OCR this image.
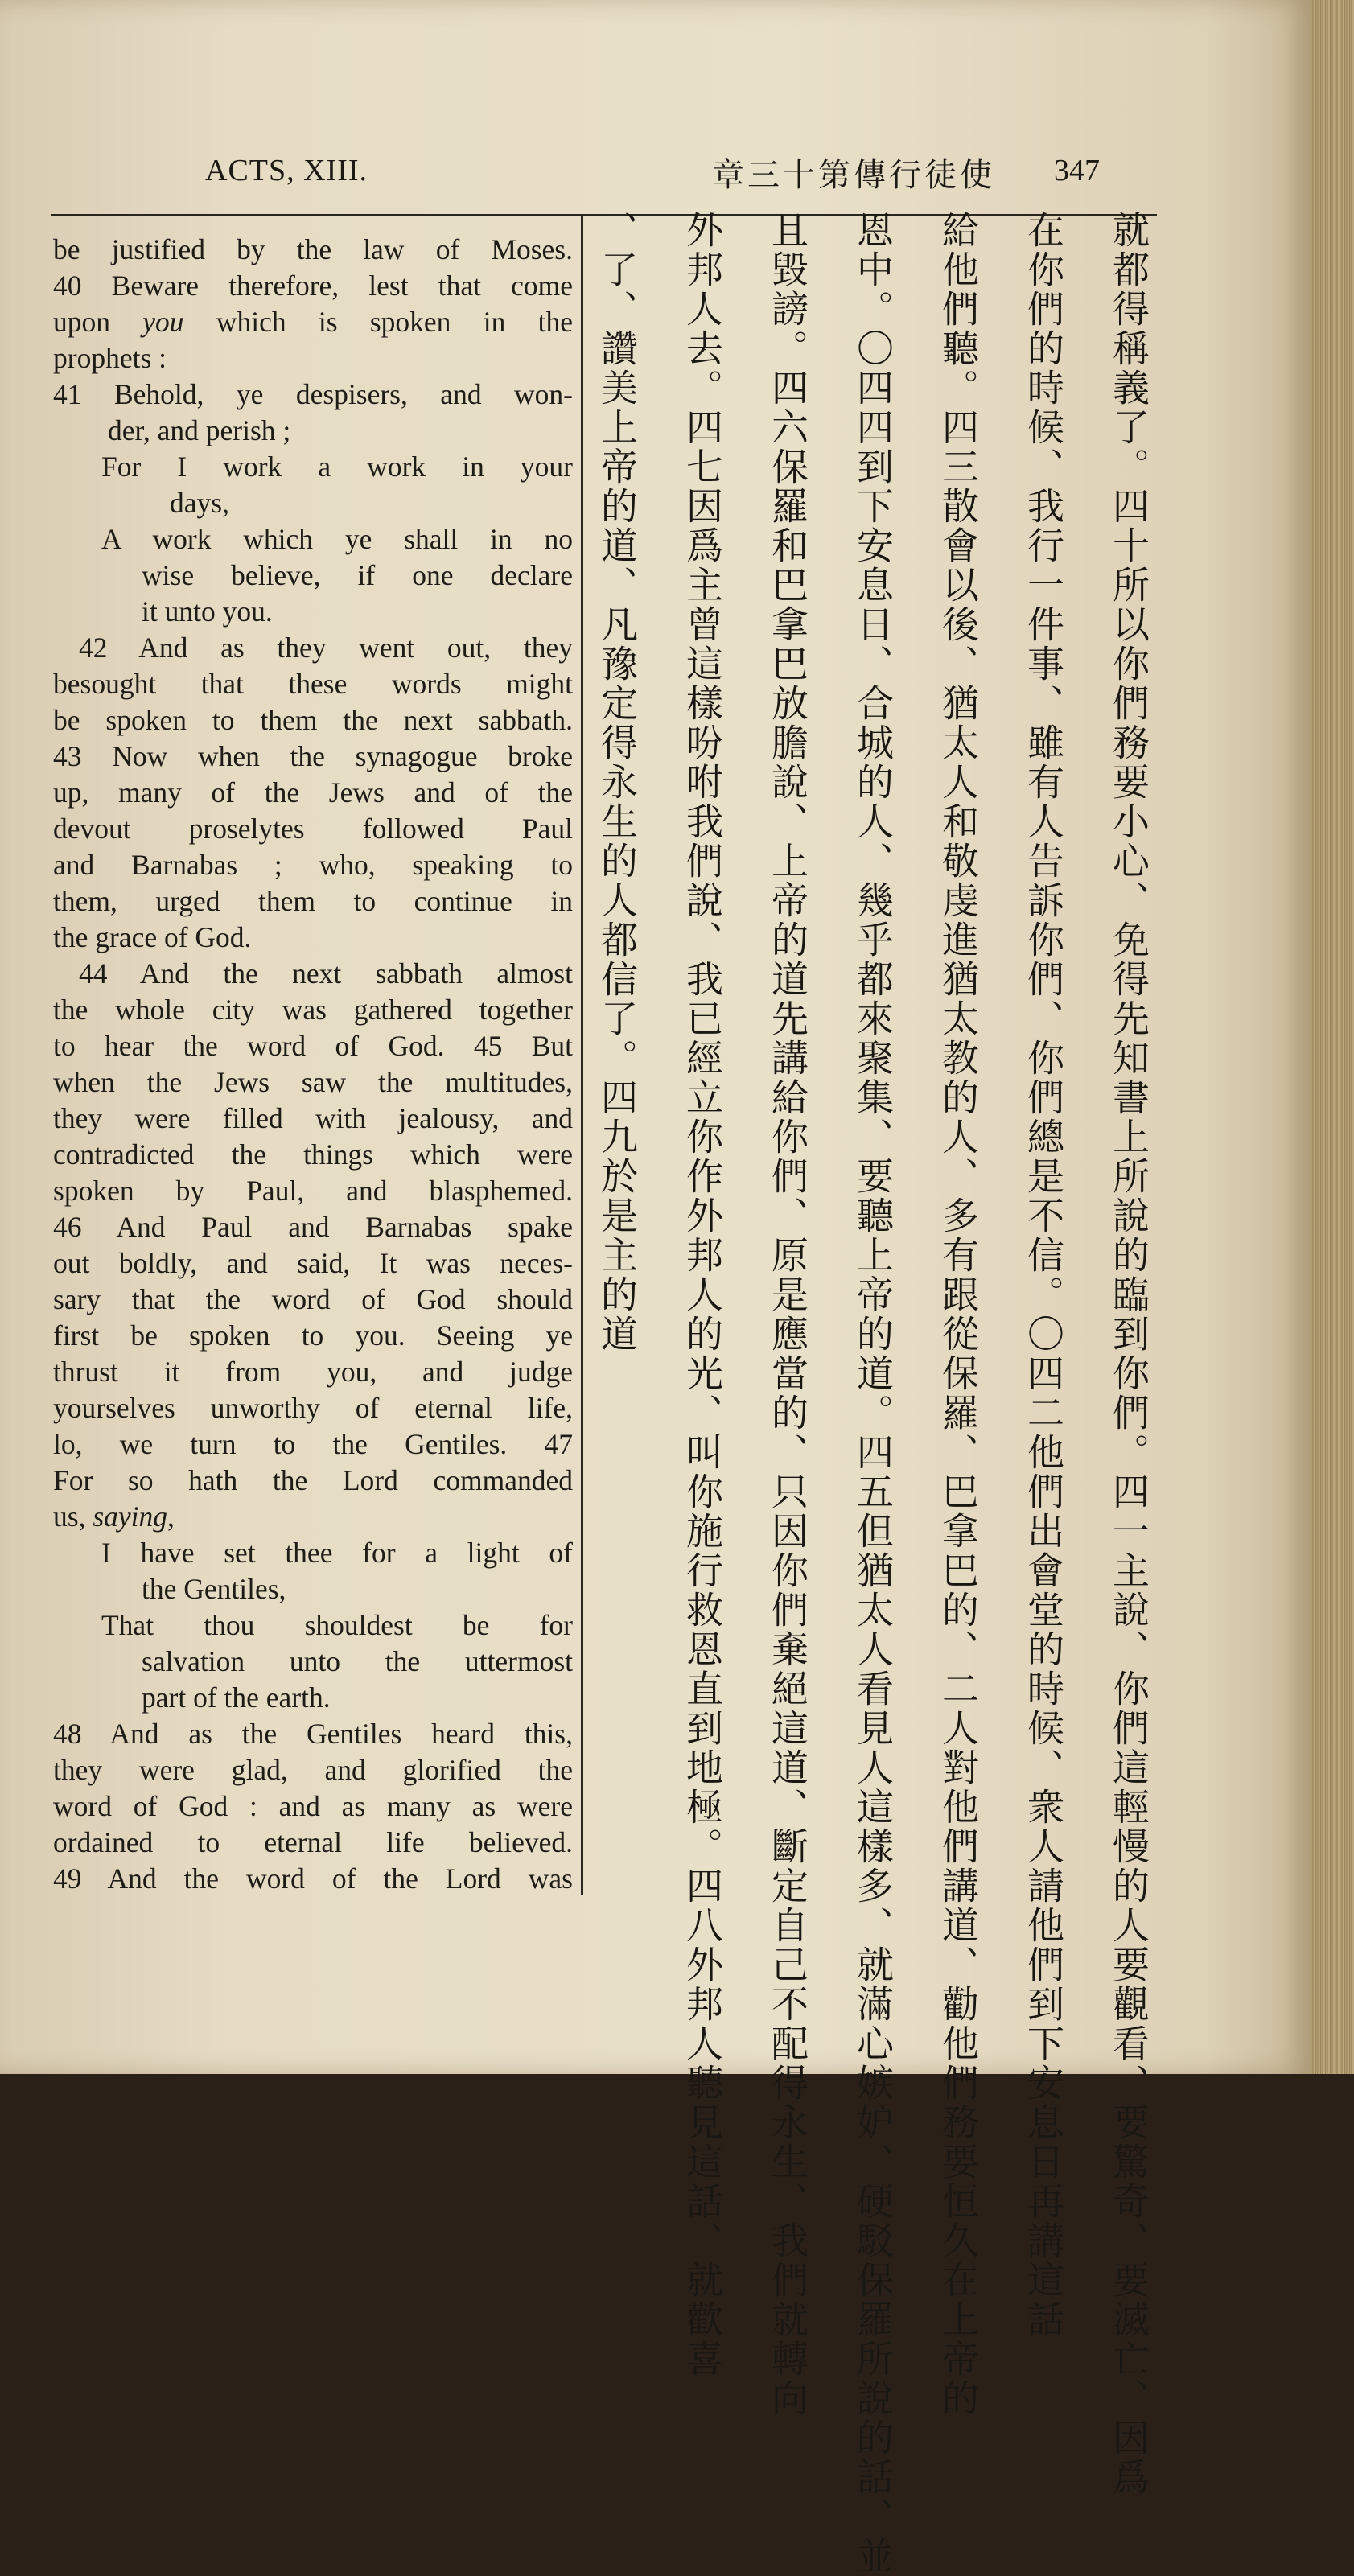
ACTS, XIII.	章三十第傳行徒使 347
be justified by the law of Moses.
40 Beware therefore, lest that come
upon you which is spoken in the
prophets :
41 Behold, ye despisers, and won-
der, and perish ;
For I work a work in your
days,
A work which ye shall in no
wise believe, if one declare
it unto you.
42 And as they went out, they
besought that these words might
be spoken to them the next sabbath.
43 Now when the synagogue broke
up, many of the Jews and of the
devout proselytes followed Paul
and Barnabas ; who, speaking to
them, urged them to continue in
the grace of God.
44 And the next sabbath almost
the whole city was gathered together
to hear the word of God. 45 But
when the Jews saw the multitudes,
they were filled with jealousy, and
contradicted the things which were
spoken by Paul, and blasphemed.
46 And Paul and Barnabas spake
out boldly, and said, It was neces-
sary that the word of God should
first be spoken to you. Seeing ye
thrust it from you, and judge
yourselves unworthy of eternal life,
lo, we turn to the Gentiles. 47
For so hath the Lord commanded
us, saying,
I have set thee for a light of
the Gentiles,
That thou shouldest be for
salvation unto the uttermost
part of the earth.
48 And as the Gentiles heard this,
they were glad, and glorified the
word of God : and as many as were
ordained to eternal life believed.
49 And the word of the Lord was	就都得稱義了。四十所以你們務要小心、免得先知書上所說的臨到你們。四一主說、你們這輕慢的人要觀看、要驚奇、要滅亡、因爲
在你們的時候、我行一件事、雖有人告訴你們、你們總是不信。〇四二他們出會堂的時候、衆人請他們到下安息日再講這話
給他們聽。四三散會以後、猶太人和敬虔進猶太教的人、多有跟從保羅、巴拿巴的、二人對他們講道、勸他們務要恒久在上帝的
恩中。〇四四到下安息日、合城的人、幾乎都來聚集、要聽上帝的道。四五但猶太人看見人這樣多、就滿心嫉妒、硬駁保羅所說的話、並
且毀謗。四六保羅和巴拿巴放膽說、上帝的道先講給你們、原是應當的、只因你們棄絕這道、斷定自己不配得永生、我們就轉向
外邦人去。四七因爲主曾這樣吩咐我們說、我已經立你作外邦人的光、叫你施行救恩直到地極。四八外邦人聽見這話、就歡喜
了、讚美上帝的道、凡豫定得永生的人都信了。四九於是主的道、
